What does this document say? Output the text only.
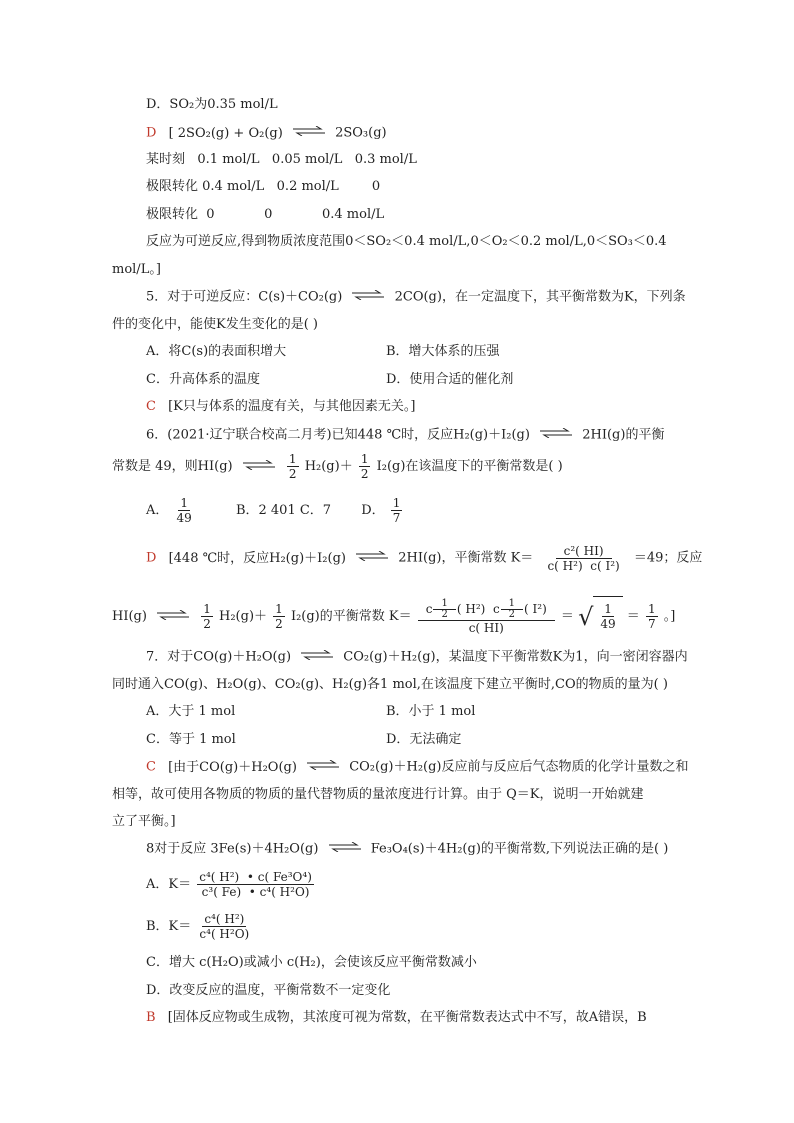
D．SO₂为0.35 mol/L
D [ 2SO₂(g) + O₂(g) ⇌ 2SO₃(g)
某时刻   0.1 mol/L   0.05 mol/L   0.3 mol/L
极限转化 0.4 mol/L   0.2 mol/L        0
极限转化  0            0            0.4 mol/L
反应为可逆反应,得到物质浓度范围0＜SO₂＜0.4 mol/L,0＜O₂＜0.2 mol/L,0＜SO₃＜0.4
mol/L。]
5．对于可逆反应：C(s)＋CO₂(g) ⇌ 2CO(g)，在一定温度下，其平衡常数为K，下列条
件的变化中，能使K发生变化的是( )
A．将C(s)的表面积增大	B．增大体系的压强
C．升高体系的温度	D．使用合适的催化剂
C [K只与体系的温度有关，与其他因素无关。]
6．(2021·辽宁联合校高二月考)已知448 ℃时，反应H₂(g)＋I₂(g) ⇌ 2HI(g)的平衡
常数是 49，则HI(g) ⇌ $\frac{1}{2} H_2(g)+ \frac{1}{2} I_2(g)$在该温度下的平衡常数是( )
A． $\frac{1}{49}$	B．2 401 C．7 D． $\frac{1}{7}$
D [448 ℃时，反应H₂(g)＋I₂(g) ⇌ 2HI(g)，平衡常数 $K= \frac{\text{c²( HI)}}{\text{c( H²)  c( I²)}} =49$；反应
HI(g)	$\frac{1}{2} H_2(g)+ \frac{1}{2} I_2(g)$的平衡常数 $K= \frac{c \frac{1}{2} ( H^2) c \frac{1}{2} ( I^2)}{c( HI)}$ ＝ √ $\frac{1}{49} = \frac{1}{7}$ 。]
7．对于CO(g)＋H₂O(g) ⇌ CO₂(g)＋H₂(g)，某温度下平衡常数K为1，向一密闭容器内
同时通入CO(g)、H₂O(g)、CO₂(g)、H₂(g)各1 mol,在该温度下建立平衡时,CO的物质的量为( )
A．大于 1 mol	B．小于 1 mol
C．等于 1 mol	D．无法确定
C [由于CO(g)＋H₂O(g) ⇌ CO₂(g)＋H₂(g)反应前与反应后气态物质的化学计量数之和
相等，故可使用各物质的物质的量代替物质的量浓度进行计算。由于 Q＝K，说明一开始就建
立了平衡。]
8对于反应 3Fe(s)＋4H₂O(g) ⇌ Fe₃O₄(s)＋4H₂(g)的平衡常数,下列说法正确的是( )
A．$K= \frac{\text{c⁴( H²)  • c( Fe³O⁴)}}{\text{c³( Fe)  • c⁴( H²O)}}$
B．$K= \frac{\text{c⁴( H²)}}{\text{c⁴( H²O)}}$
C．增大 c(H₂O)或减小 c(H₂)，会使该反应平衡常数减小
D．改变反应的温度，平衡常数不一定变化
B [固体反应物或生成物，其浓度可视为常数，在平衡常数表达式中不写，故A错误，B
